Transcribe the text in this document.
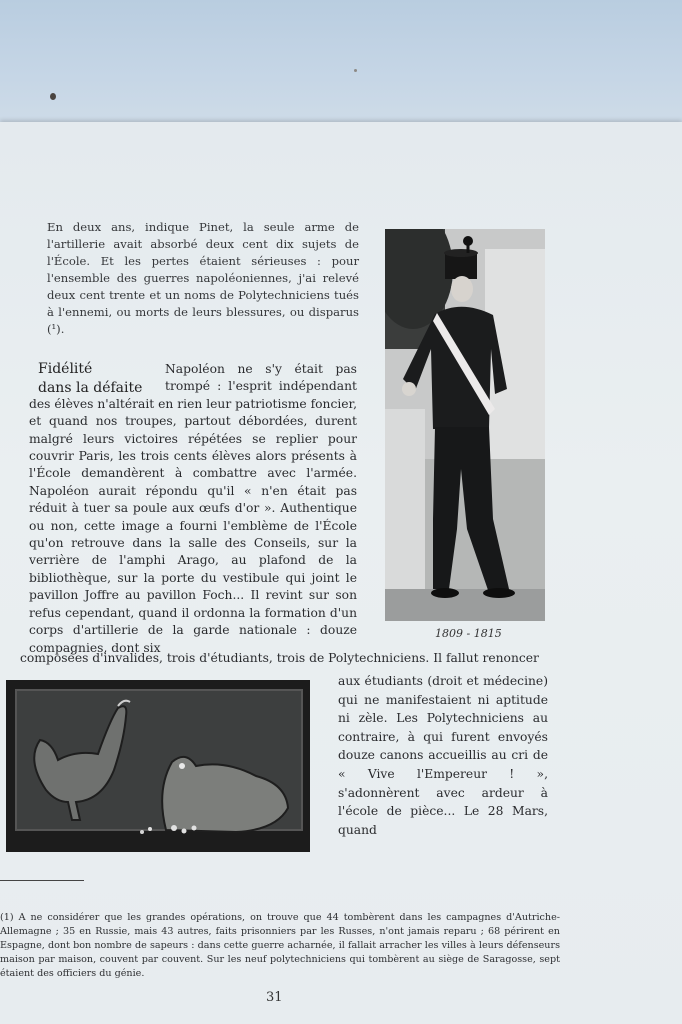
En deux ans, indique Pinet, la seule arme de l'artillerie avait absorbé deux cent dix sujets de l'École. Et les pertes étaient sérieuses : pour l'ensemble des guerres napoléoniennes, j'ai relevé deux cent trente et un noms de Polytechniciens tués à l'ennemi, ou morts de leurs blessures, ou disparus (¹).

Fidélité
dans la défaite
Napoléon ne s'y était pas trompé : l'esprit indépendant des élèves n'altérait en rien leur patriotisme foncier, et quand nos troupes, partout débordées, durent malgré leurs victoires répétées se replier pour couvrir Paris, les trois cents élèves alors présents à l'École demandèrent à combattre avec l'armée. Napoléon aurait répondu qu'il « n'en était pas réduit à tuer sa poule aux œufs d'or ». Authentique ou non, cette image a fourni l'emblème de l'École qu'on retrouve dans la salle des Conseils, sur la verrière de l'amphi Arago, au plafond de la bibliothèque, sur la porte du vestibule qui joint le pavillon Joffre au pavillon Foch... Il revint sur son refus cependant, quand il ordonna la formation d'un corps d'artillerie de la garde nationale : douze compagnies, dont six
composées d'invalides, trois d'étudiants, trois de Polytechniciens. Il fallut renoncer

aux étudiants (droit et médecine) qui ne manifestaient ni aptitude ni zèle. Les Polytechniciens au contraire, à qui furent envoyés douze canons accueillis au cri de « Vive l'Empereur ! », s'adonnèrent avec ardeur à l'école de pièce... Le 28 Mars, quand

1809 - 1815

(1) A ne considérer que les grandes opérations, on trouve que 44 tombèrent dans les campagnes d'Autriche-Allemagne ; 35 en Russie, mais 43 autres, faits prisonniers par les Russes, n'ont jamais reparu ; 68 périrent en Espagne, dont bon nombre de sapeurs : dans cette guerre acharnée, il fallait arracher les villes à leurs défenseurs maison par maison, couvent par couvent. Sur les neuf polytechniciens qui tombèrent au siège de Saragosse, sept étaient des officiers du génie.

31
